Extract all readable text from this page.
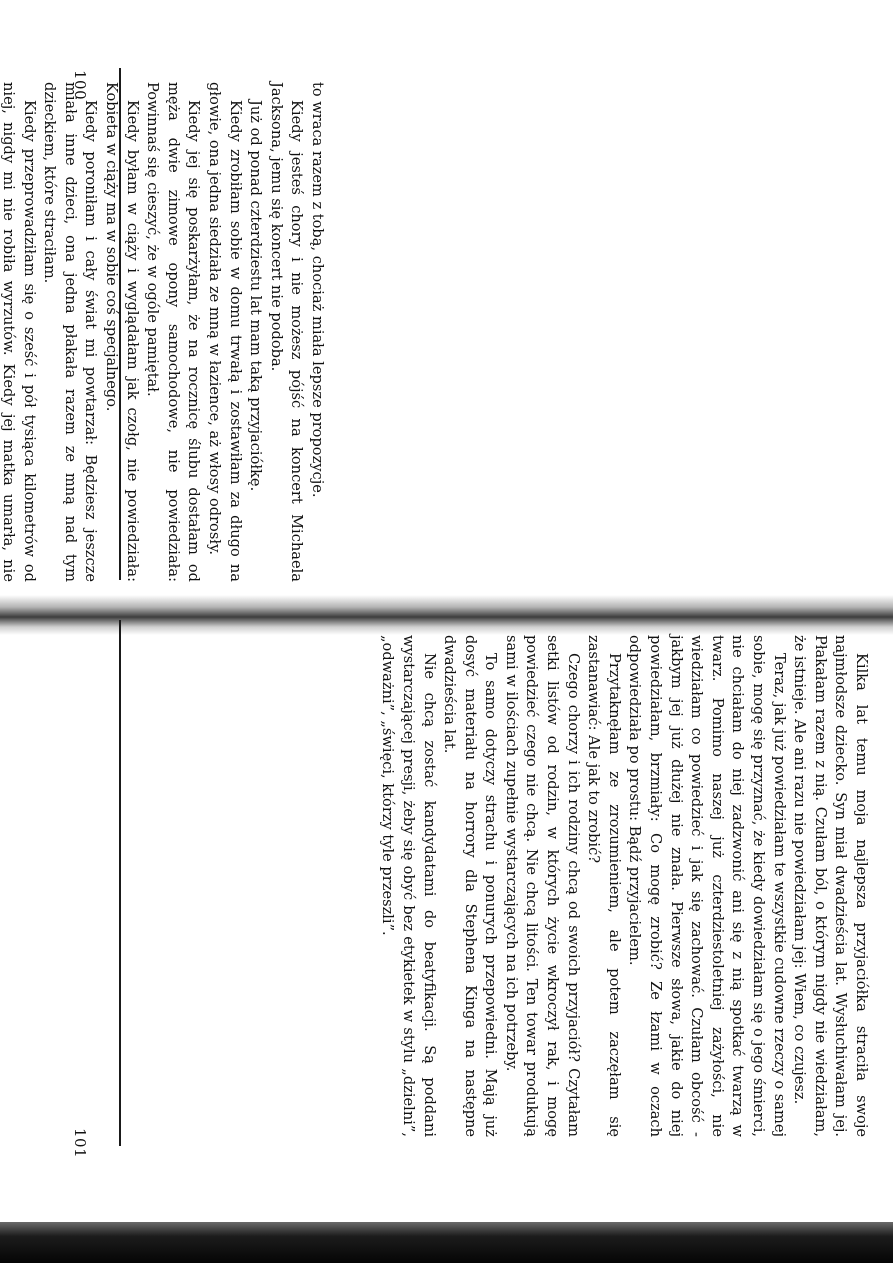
100	to wraca razem z tobą, chociaż miała lepsze propozycje.

Kiedy jesteś chory i nie możesz pójść na koncert Michaela Jacksona, jemu się koncert nie podoba.

Już od ponad czterdziestu lat mam taką przyjaciółkę.

Kiedy zrobiłam sobie w domu trwałą i zostawiłam za długo na głowie, ona jedna siedziała ze mną w łazience, aż włosy odrosły.

Kiedy jej się poskarżyłam, że na rocznicę ślubu dostałam od męża dwie zimowe opony samochodowe, nie powiedziała: Powinnaś się cieszyć, że w ogóle pamiętał.

Kiedy byłam w ciąży i wyglądałam jak czołg, nie powiedziała: Kobieta w ciąży ma w sobie coś specjalnego.

Kiedy poroniłam i cały świat mi powtarzał: Będziesz jeszcze miała inne dzieci, ona jedna płakała razem ze mną nad tym dzieckiem, które straciłam.

Kiedy przeprowadziłam się o sześć i pół tysiąca kilometrów od niej, nigdy mi nie robiła wyrzutów. Kiedy jej matka umarła, nie

101

Kilka lat temu moja najlepsza przyjaciółka straciła swoje najmłodsze dziecko. Syn miał dwadzieścia lat. Wysłuchiwałam jej. Płakałam razem z nią. Czułam ból, o którym nigdy nie wiedziałam, że istnieje. Ale ani razu nie powiedziałam jej: Wiem, co czujesz.

Teraz, jak już powiedziałam te wszystkie cudowne rzeczy o samej sobie, mogę się przyznać, że kiedy dowiedziałam się o jego śmierci, nie chciałam do niej zadzwonić ani się z nią spotkać twarzą w twarz. Pomimo naszej już czterdziestoletniej zażyłości, nie wiedziałam co powiedzieć i jak się zachować. Czułam obcość - jakbym jej już dłużej nie znała. Pierwsze słowa, jakie do niej powiedziałam, brzmiały: Co mogę zrobić? Ze łzami w oczach odpowiedziała po prostu: Bądź przyjacielem.

Przytaknęłam ze zrozumieniem, ale potem zaczęłam się zastanawiać: Ale jak to zrobić?

Czego chorzy i ich rodziny chcą od swoich przyjaciół? Czytałam setki listów od rodzin, w których życie wkroczył rak, i mogę powiedzieć czego nie chcą. Nie chcą litości. Ten towar produkują sami w ilościach zupełnie wystarczających na ich potrzeby.

To samo dotyczy strachu i ponurych przepowiedni. Mają już dosyć materiału na horrory dla Stephena Kinga na następne dwadzieścia lat.

Nie chcą zostać kandydatami do beatyfikacji. Są poddani wystarczającej presji, żeby się obyć bez etykietek w stylu „dzielni”, „odważni”, „święci, którzy tyle przeszli”.
